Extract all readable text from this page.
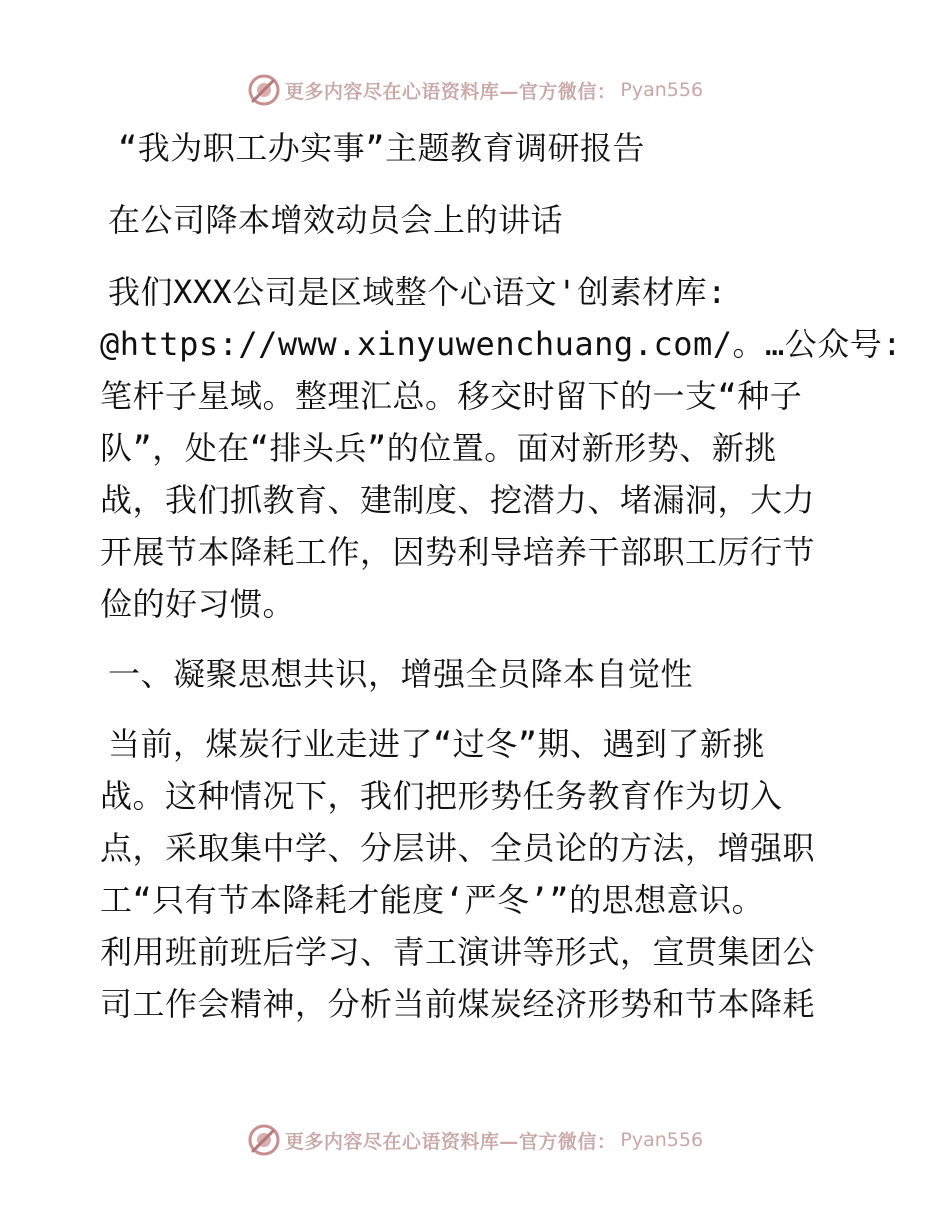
更多内容尽在心语资料库—官方微信： Pyan556
“我为职工办实事”主题教育调研报告
在公司降本增效动员会上的讲话
我们XXX公司是区域整个心语文'创素材库:
@https://www.xinyuwenchuang.com/。…公众号:
笔杆子星域。整理汇总。移交时留下的一支“种子
队”，处在“排头兵”的位置。面对新形势、新挑
战，我们抓教育、建制度、挖潜力、堵漏洞，大力
开展节本降耗工作，因势利导培养干部职工厉行节
俭的好习惯。
一、凝聚思想共识，增强全员降本自觉性
当前，煤炭行业走进了“过冬”期、遇到了新挑
战。这种情况下，我们把形势任务教育作为切入
点，采取集中学、分层讲、全员论的方法，增强职
工“只有节本降耗才能度‘严冬’”的思想意识。
利用班前班后学习、青工演讲等形式，宣贯集团公
司工作会精神，分析当前煤炭经济形势和节本降耗
更多内容尽在心语资料库—官方微信： Pyan556
